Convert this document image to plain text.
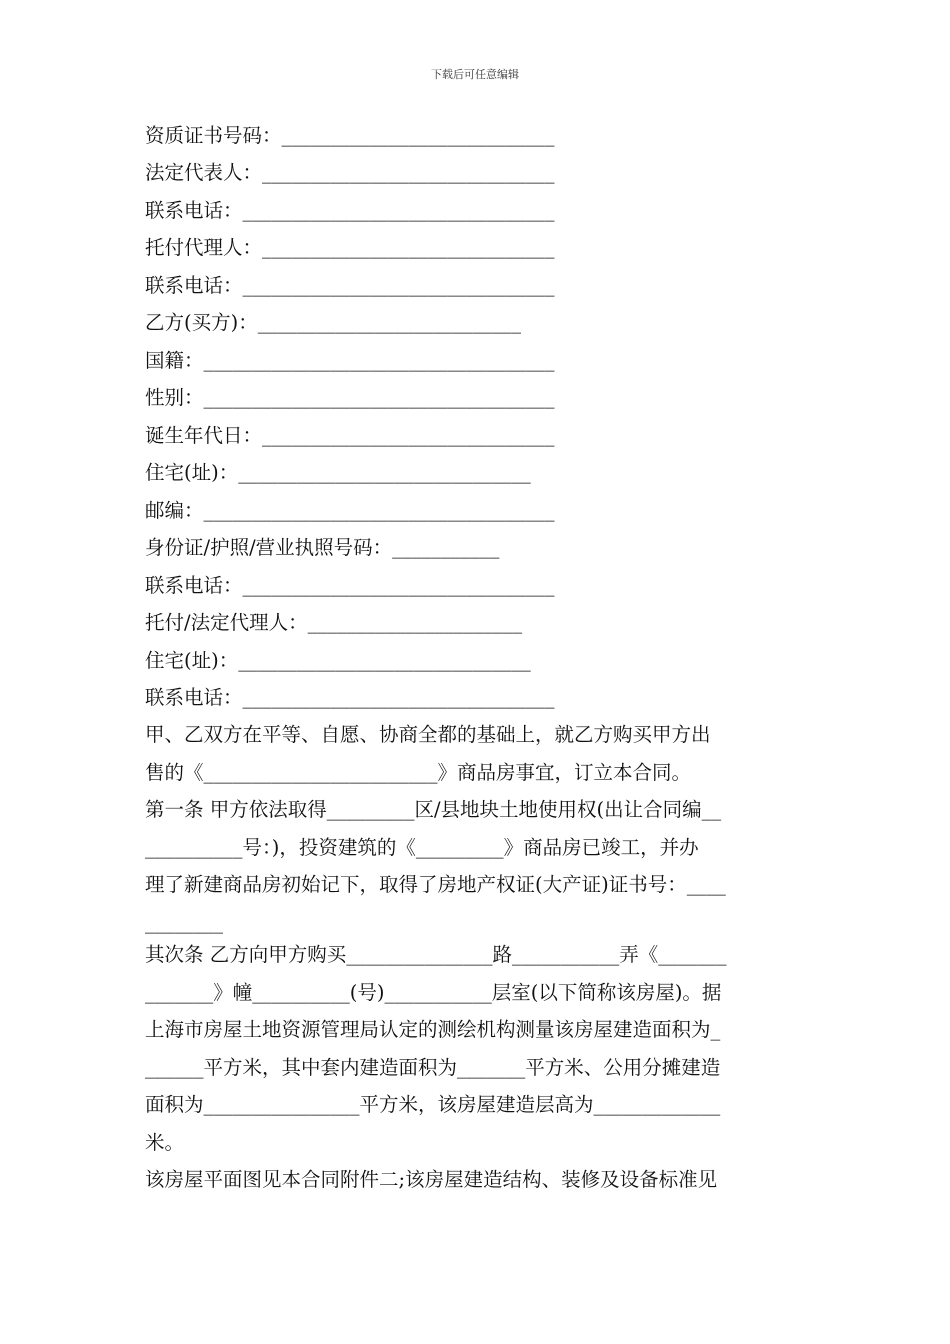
下载后可任意编辑
资质证书号码：____________________________
法定代表人：______________________________
联系电话：________________________________
托付代理人：______________________________
联系电话：________________________________
乙方(买方)：___________________________
国籍：____________________________________
性别：____________________________________
诞生年代日：______________________________
住宅(址)：______________________________
邮编：____________________________________
身份证/护照/营业执照号码：___________
联系电话：________________________________
托付/法定代理人：______________________
住宅(址)：______________________________
联系电话：________________________________
甲、乙双方在平等、自愿、协商全都的基础上，就乙方购买甲方出
售的《________________________》商品房事宜，订立本合同。
第一条 甲方依法取得_________区/县地块土地使用权(出让合同编__
__________号：)，投资建筑的《_________》商品房已竣工，并办
理了新建商品房初始记下，取得了房地产权证(大产证)证书号：____
________
其次条 乙方向甲方购买_______________路___________弄《_______
_______》幢__________(号)___________层室(以下简称该房屋)。据
上海市房屋土地资源管理局认定的测绘机构测量该房屋建造面积为_
______平方米，其中套内建造面积为_______平方米、公用分摊建造
面积为________________平方米，该房屋建造层高为_____________
米。
该房屋平面图见本合同附件二;该房屋建造结构、装修及设备标准见
